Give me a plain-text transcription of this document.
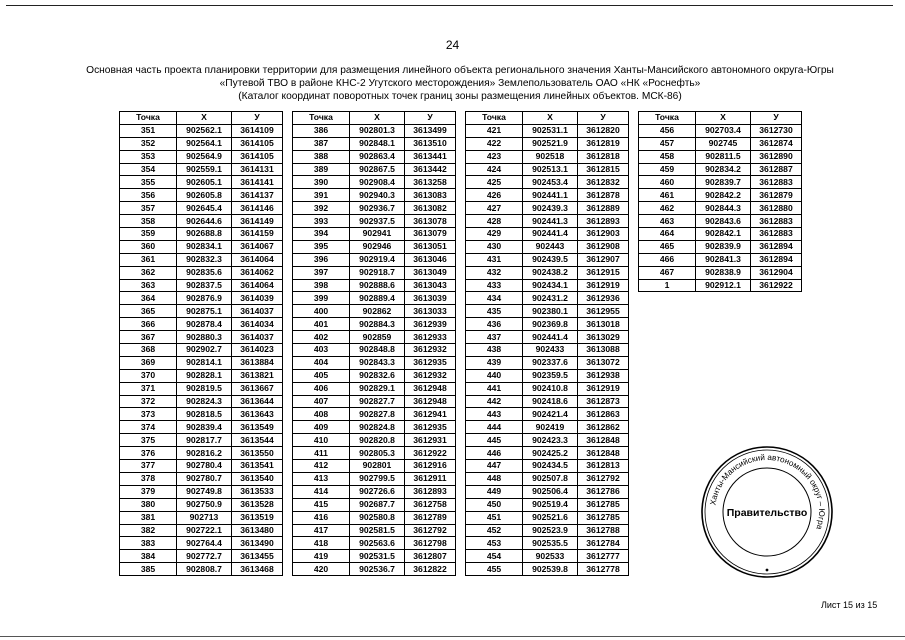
24
Основная часть проекта планировки территории для размещения линейного объекта регионального значения Ханты-Мансийского автономного округа-Югры
«Путевой ТВО в районе КНС-2 Угутского месторождения» Землепользователь ОАО «НК «Роснефть»
(Каталог координат поворотных точек границ зоны размещения линейных объектов. МСК-86)
Точка	X	У
351	902562.1	3614109
352	902564.1	3614105
353	902564.9	3614105
354	902559.1	3614131
355	902605.1	3614141
356	902605.8	3614137
357	902645.4	3614146
358	902644.6	3614149
359	902688.8	3614159
360	902834.1	3614067
361	902832.3	3614064
362	902835.6	3614062
363	902837.5	3614064
364	902876.9	3614039
365	902875.1	3614037
366	902878.4	3614034
367	902880.3	3614037
368	902902.7	3614023
369	902814.1	3613884
370	902828.1	3613821
371	902819.5	3613667
372	902824.3	3613644
373	902818.5	3613643
374	902839.4	3613549
375	902817.7	3613544
376	902816.2	3613550
377	902780.4	3613541
378	902780.7	3613540
379	902749.8	3613533
380	902750.9	3613528
381	902713	3613519
382	902722.1	3613480
383	902764.4	3613490
384	902772.7	3613455
385	902808.7	3613468
Точка	X	У
386	902801.3	3613499
387	902848.1	3613510
388	902863.4	3613441
389	902867.5	3613442
390	902908.4	3613258
391	902940.3	3613083
392	902936.7	3613082
393	902937.5	3613078
394	902941	3613079
395	902946	3613051
396	902919.4	3613046
397	902918.7	3613049
398	902888.6	3613043
399	902889.4	3613039
400	902862	3613033
401	902884.3	3612939
402	902859	3612933
403	902848.8	3612932
404	902843.3	3612935
405	902832.6	3612932
406	902829.1	3612948
407	902827.7	3612948
408	902827.8	3612941
409	902824.8	3612935
410	902820.8	3612931
411	902805.3	3612922
412	902801	3612916
413	902799.5	3612911
414	902726.6	3612893
415	902687.7	3612758
416	902580.8	3612789
417	902581.5	3612792
418	902563.6	3612798
419	902531.5	3612807
420	902536.7	3612822
Точка	X	У
421	902531.1	3612820
422	902521.9	3612819
423	902518	3612818
424	902513.1	3612815
425	902453.4	3612832
426	902441.1	3612878
427	902439.3	3612889
428	902441.3	3612893
429	902441.4	3612903
430	902443	3612908
431	902439.5	3612907
432	902438.2	3612915
433	902434.1	3612919
434	902431.2	3612936
435	902380.1	3612955
436	902369.8	3613018
437	902441.4	3613029
438	902433	3613088
439	902337.6	3613072
440	902359.5	3612938
441	902410.8	3612919
442	902418.6	3612873
443	902421.4	3612863
444	902419	3612862
445	902423.3	3612848
446	902425.2	3612848
447	902434.5	3612813
448	902507.8	3612792
449	902506.4	3612786
450	902519.4	3612785
451	902521.6	3612785
452	902523.9	3612788
453	902535.5	3612784
454	902533	3612777
455	902539.8	3612778
Точка	X	У
456	902703.4	3612730
457	902745	3612874
458	902811.5	3612890
459	902834.2	3612887
460	902839.7	3612883
461	902842.2	3612879
462	902844.3	3612880
463	902843.6	3612883
464	902842.1	3612883
465	902839.9	3612894
466	902841.3	3612894
467	902838.9	3612904
1	902912.1	3612922
Ханты-Мансийский автономный округ – Югра
Правительство
Лист 15 из 15
